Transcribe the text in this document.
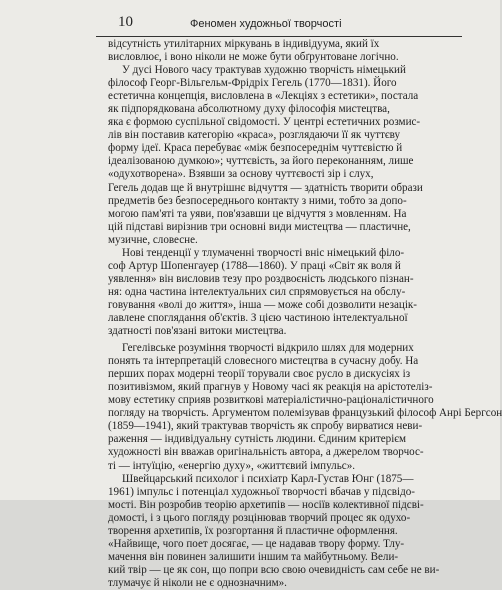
10	Феномен художньої творчості
відсутність утилітарних міркувань в індивідуума, який їх
висловлює, і воно ніколи не може бути обґрунтоване логічно.
У дусі Нового часу трактував художню творчість німецький
філософ Георг-Вільгельм-Фрідріх Гегель (1770—1831). Його
естетична концепція, висловлена в «Лекціях з естетики», постала
як підпорядкована абсолютному духу філософія мистецтва,
яка є формою суспільної свідомості. У центрі естетичних розмис-
лів він поставив категорію «краса», розглядаючи її як чуттєву
форму ідеї. Краса перебуває «між безпосереднім чуттєвістю й
ідеалізованою думкою»; чуттєвість, за його переконанням, лише
«одухотворена». Взявши за основу чуттєвості зір і слух,
Гегель додав ще й внутрішнє відчуття — здатність творити образи
предметів без безпосереднього контакту з ними, тобто за допо-
могою пам'яті та уяви, пов'язавши це відчуття з мовленням. На
цій підставі вирізнив три основні види мистецтва — пластичне,
музичне, словесне.
Нові тенденції у тлумаченні творчості вніс німецький філо-
соф Артур Шопенгауер (1788—1860). У праці «Світ як воля й
уявлення» він висловив тезу про роздвоєність людського пізнан-
ня: одна частина інтелектуальних сил спрямовується на обслу-
говування «волі до життя», інша — може собі дозволити незацік-
лавлене споглядання об'єктів. З цією частиною інтелектуальної
здатності пов'язані витоки мистецтва.
Гегелівське розуміння творчості відкрило шлях для модерних
понять та інтерпретацій словесного мистецтва в сучасну добу. На
перших порах модерні теорії торували своє русло в дискусіях із
позитивізмом, який прагнув у Новому часі як реакція на арістотеліз-
мову естетику сприяв розвиткові матеріалістично-раціоналістичного
погляду на творчість. Аргументом полемізував французький філософ Анрі Бергсон
(1859—1941), який трактував творчість як спробу вирватися неви-
раження — індивідуальну сутність людини. Єдиним критерієм
художності він вважав оригінальність автора, а джерелом творчос-
ті — інтуїцію, «енергію духу», «життєвий імпульс».
Швейцарський психолог і психіатр Карл-Густав Юнг (1875—
1961) імпульс і потенціал художньої творчості вбачав у підсвідо-
мості. Він розробив теорію архетипів — носіїв колективної підсві-
домості, і з цього погляду розцінював творчий процес як одухо-
творення архетипів, їх розгортання й пластичне оформлення.
«Найвище, чого поет досягає, — це надавав твору форму. Тлу-
мачення він повинен залишити іншим та майбутньому. Вели-
кий твір — це як сон, що попри всю свою очевидність сам себе не ви-
тлумачує й ніколи не є однозначним».
